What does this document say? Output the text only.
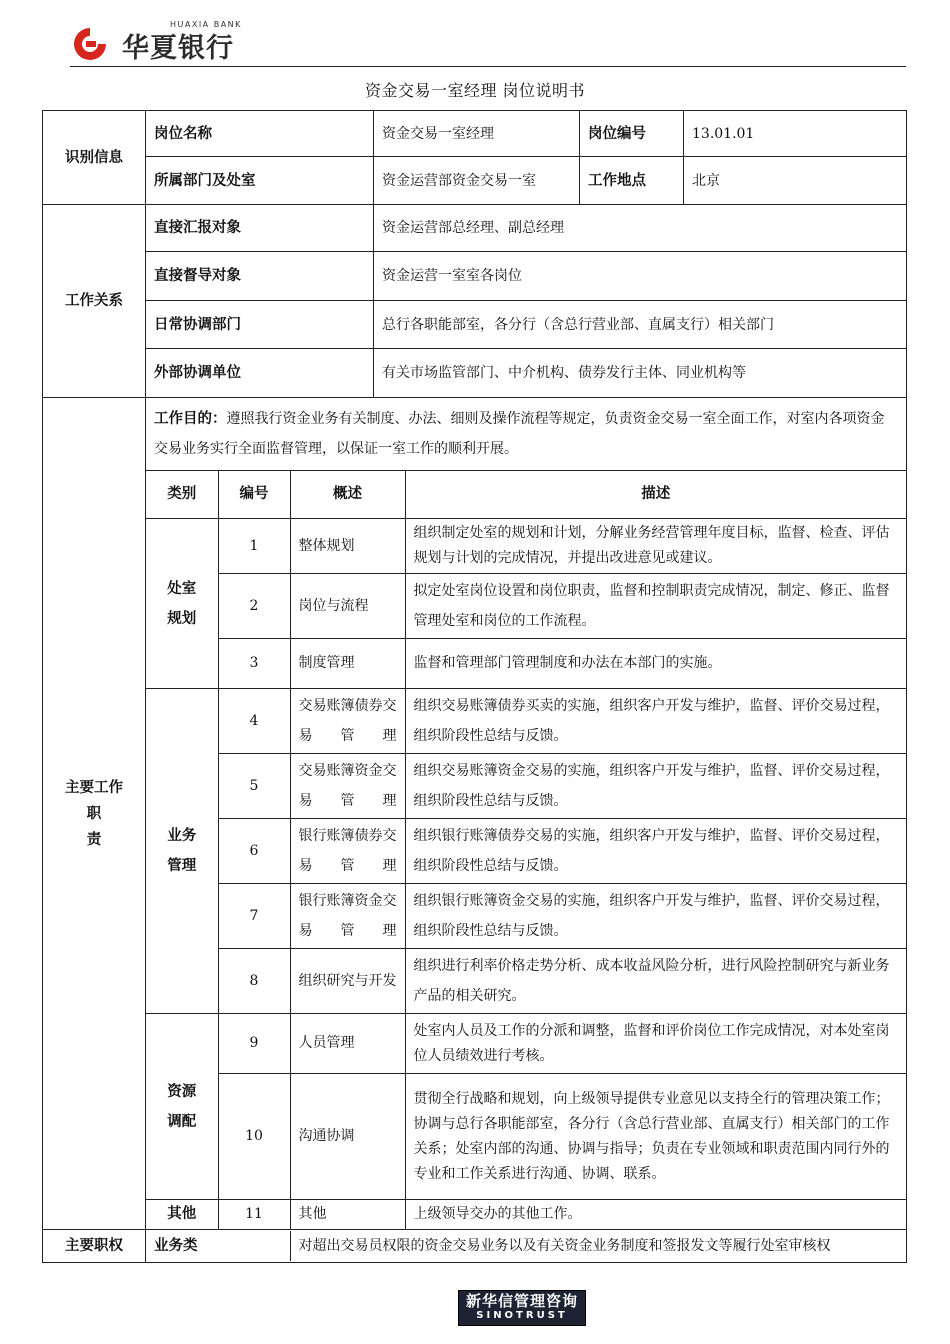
HUAXIA BANK
华夏银行
资金交易一室经理 岗位说明书
识别信息	岗位名称	资金交易一室经理	岗位编号	13.01.01
所属部门及处室	资金运营部资金交易一室	工作地点	北京
工作关系	直接汇报对象	资金运营部总经理、副总经理
直接督导对象	资金运营一室室各岗位
日常协调部门	总行各职能部室，各分行（含总行营业部、直属支行）相关部门
外部协调单位	有关市场监管部门、中介机构、债券发行主体、同业机构等

主要工作
职 责

工作目的：遵照我行资金业务有关制度、办法、细则及操作流程等规定，负责资金交易一室全面工作，对室内各项资金交易业务实行全面监督管理，以保证一室工作的顺利开展。
类别	编号	概述	描述

处室
规划
	1	整体规划	组织制定处室的规划和计划，分解业务经营管理年度目标，监督、检查、评估规划与计划的完成情况，并提出改进意见或建议。
2	岗位与流程	拟定处室岗位设置和岗位职责，监督和控制职责完成情况，制定、修正、监督管理处室和岗位的工作流程。
3	制度管理	监督和管理部门管理制度和办法在本部门的实施。

业务
管理
	4	交易账簿债券交易管理	组织交易账簿债券买卖的实施，组织客户开发与维护，监督、评价交易过程，组织阶段性总结与反馈。
5	交易账簿资金交易管理	组织交易账簿资金交易的实施，组织客户开发与维护，监督、评价交易过程，组织阶段性总结与反馈。
6	银行账簿债券交易管理	组织银行账簿债券交易的实施，组织客户开发与维护，监督、评价交易过程，组织阶段性总结与反馈。
7	银行账簿资金交易管理	组织银行账簿资金交易的实施，组织客户开发与维护，监督、评价交易过程，组织阶段性总结与反馈。
8	组织研究与开发	组织进行利率价格走势分析、成本收益风险分析，进行风险控制研究与新业务产品的相关研究。

资源
调配
	9	人员管理	处室内人员及工作的分派和调整，监督和评价岗位工作完成情况，对本处室岗位人员绩效进行考核。
10	沟通协调	贯彻全行战略和规划，向上级领导提供专业意见以支持全行的管理决策工作；协调与总行各职能部室，各分行（含总行营业部、直属支行）相关部门的工作关系；处室内部的沟通、协调与指导；负责在专业领域和职责范围内同行外的专业和工作关系进行沟通、协调、联系。
其他	11	其他	上级领导交办的其他工作。

主要职权	业务类	对超出交易员权限的资金交易业务以及有关资金业务制度和签报发文等履行处室审核权
新华信管理咨询
SINOTRUST
